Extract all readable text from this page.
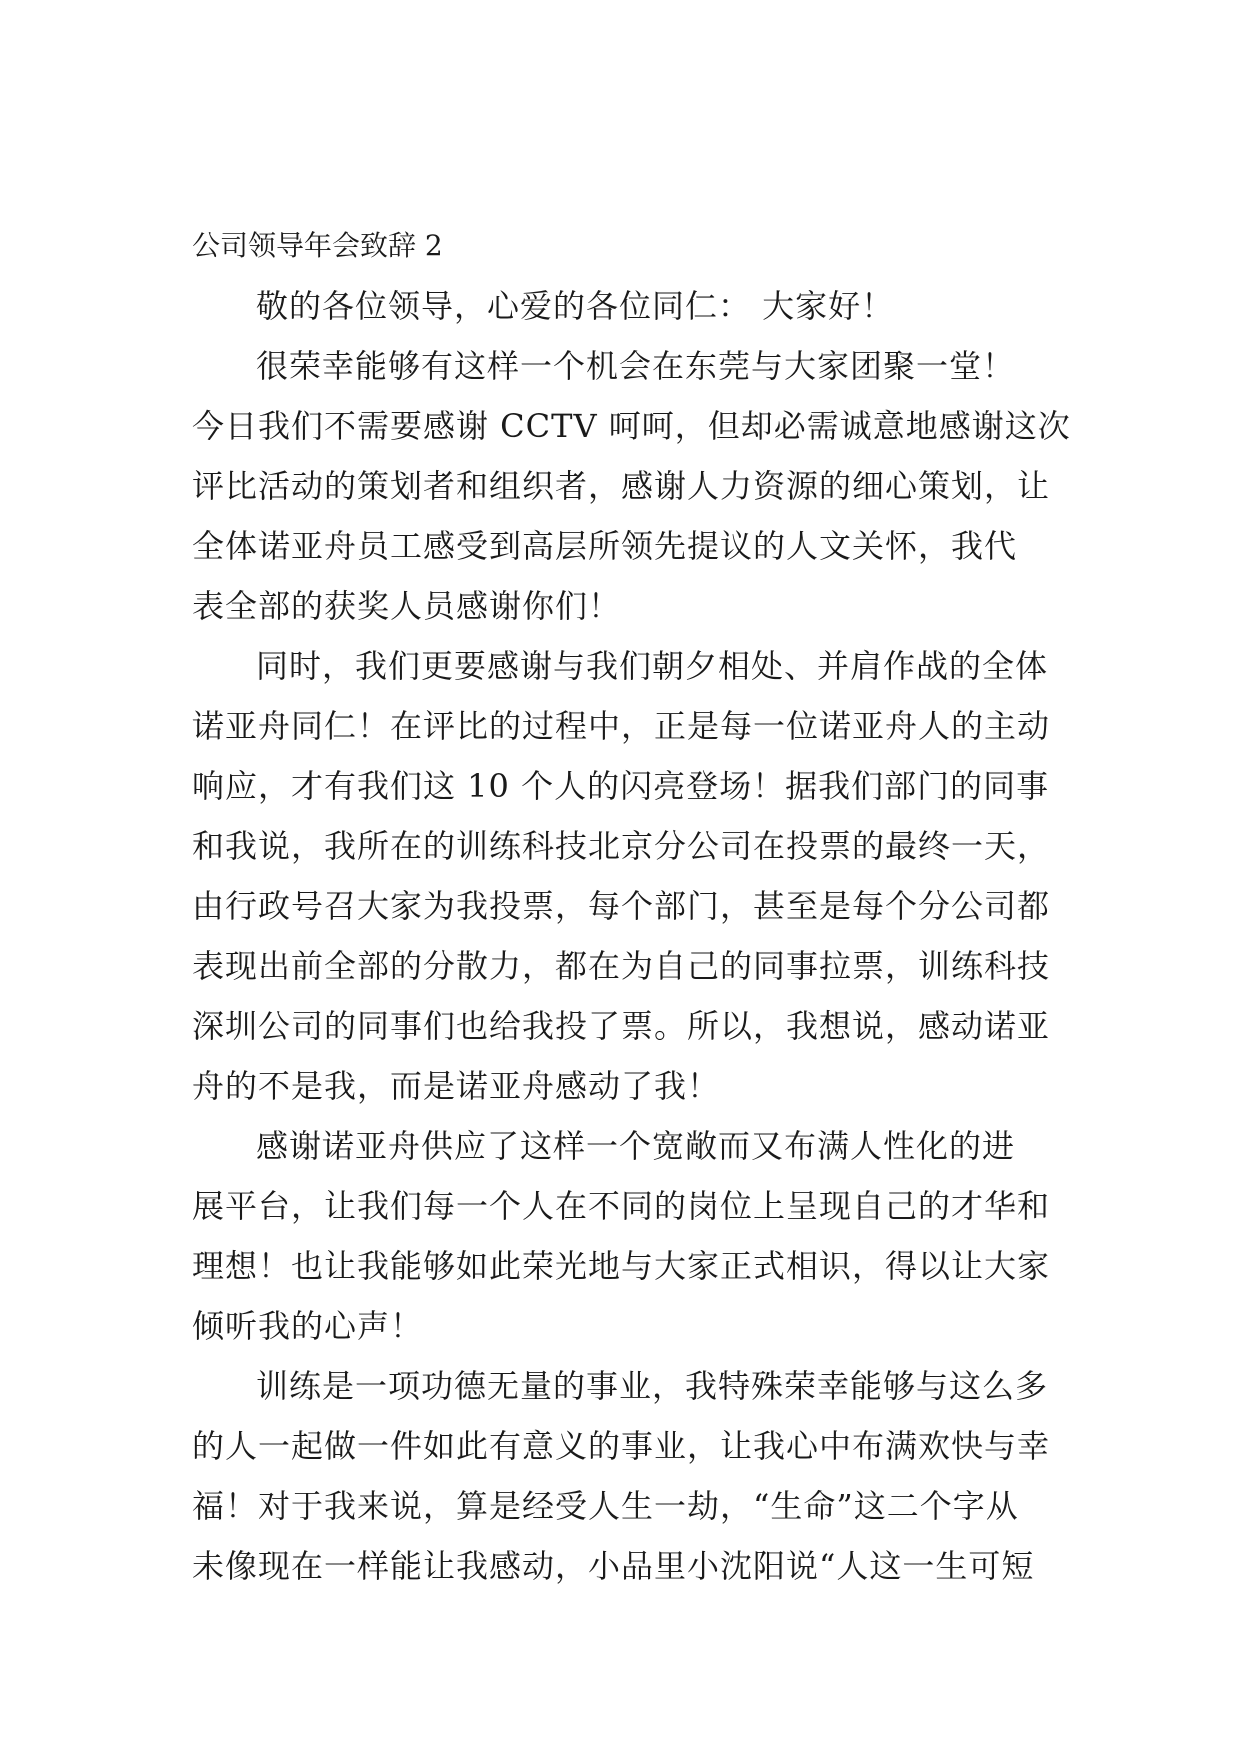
公司领导年会致辞 2

敬的各位领导，心爱的各位同仁： 大家好！

很荣幸能够有这样一个机会在东莞与大家团聚一堂！
今日我们不需要感谢 CCTV 呵呵，但却必需诚意地感谢这次
评比活动的策划者和组织者，感谢人力资源的细心策划，让
全体诺亚舟员工感受到高层所领先提议的人文关怀，我代
表全部的获奖人员感谢你们！

同时，我们更要感谢与我们朝夕相处、并肩作战的全体
诺亚舟同仁！在评比的过程中，正是每一位诺亚舟人的主动
响应，才有我们这 10 个人的闪亮登场！据我们部门的同事
和我说，我所在的训练科技北京分公司在投票的最终一天，
由行政号召大家为我投票，每个部门，甚至是每个分公司都
表现出前全部的分散力，都在为自己的同事拉票，训练科技
深圳公司的同事们也给我投了票。所以，我想说，感动诺亚
舟的不是我，而是诺亚舟感动了我！

感谢诺亚舟供应了这样一个宽敞而又布满人性化的进
展平台，让我们每一个人在不同的岗位上呈现自己的才华和
理想！也让我能够如此荣光地与大家正式相识，得以让大家
倾听我的心声！

训练是一项功德无量的事业，我特殊荣幸能够与这么多
的人一起做一件如此有意义的事业，让我心中布满欢快与幸
福！对于我来说，算是经受人生一劫，“生命”这二个字从
未像现在一样能让我感动，小品里小沈阳说“人这一生可短
